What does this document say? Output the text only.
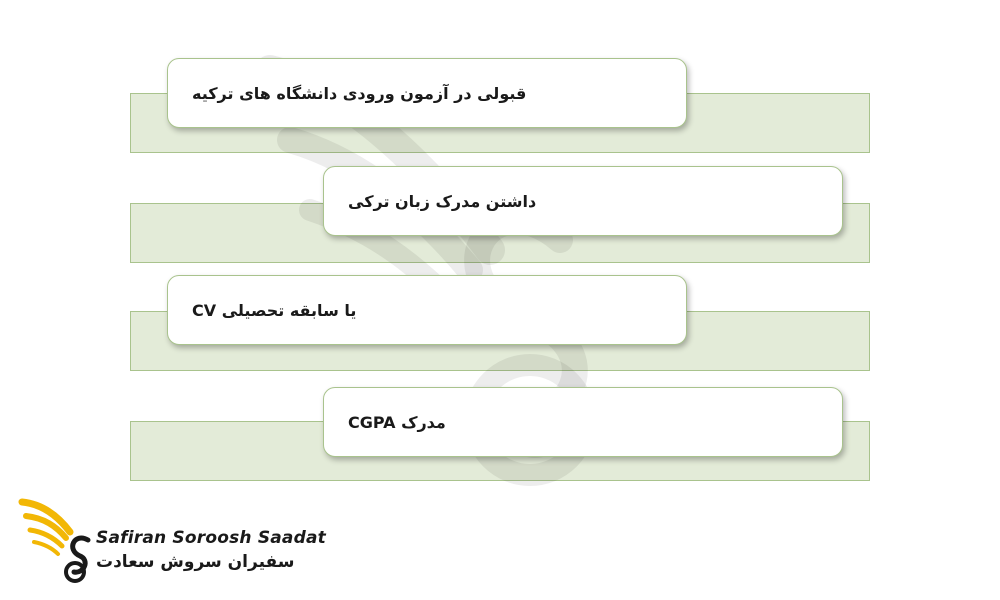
قبولی در آزمون ورودی دانشگاه های ترکیه
داشتن مدرک زبان ترکی
CV یا سابقه تحصیلی
مدرک CGPA
Safiran Soroosh Saadat
سفیران سروش سعادت
